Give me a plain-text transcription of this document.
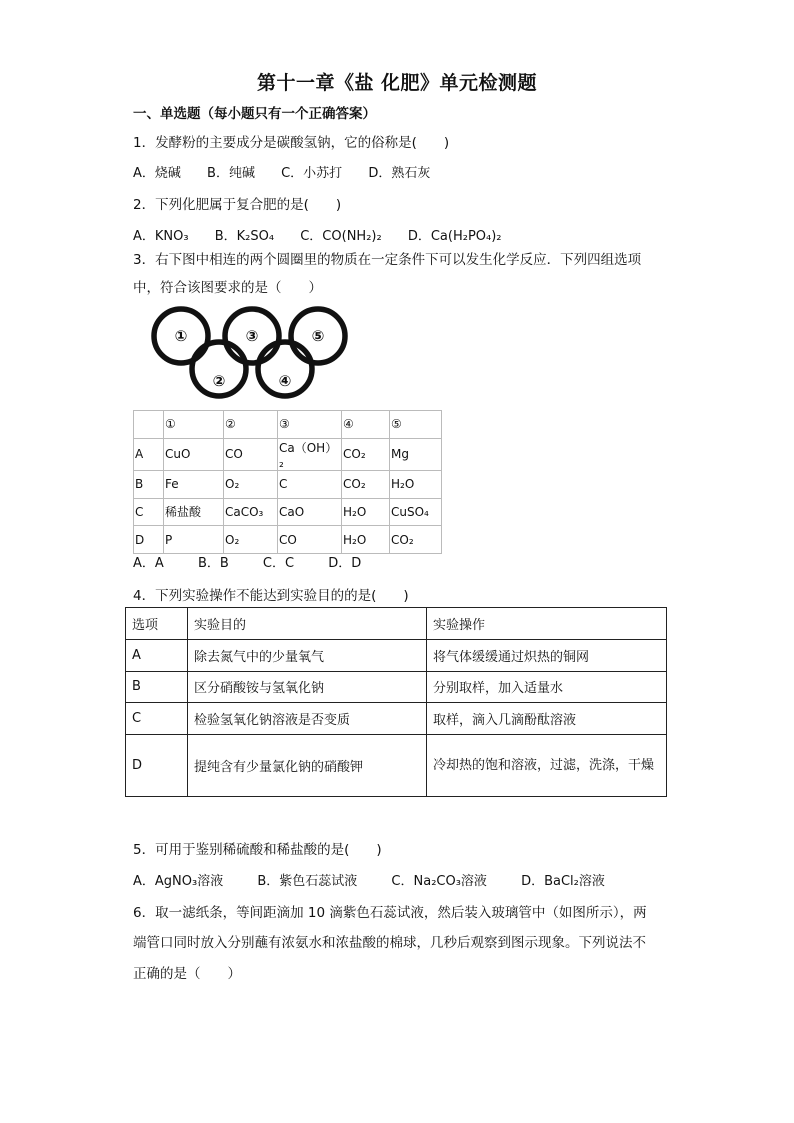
第十一章《盐 化肥》单元检测题
一、单选题（每小题只有一个正确答案）
1．发酵粉的主要成分是碳酸氢钠，它的俗称是(　　)
A．烧碱 B．纯碱 C．小苏打 D．熟石灰
2．下列化肥属于复合肥的是(　　)
A．KNO₃ B．K₂SO₄ C．CO(NH₂)₂ D．Ca(H₂PO₄)₂
3．右下图中相连的两个圆圈里的物质在一定条件下可以发生化学反应．下列四组选项
中，符合该图要求的是（　　）
①
②
③
④
⑤
	①	②	③	④	⑤
A	CuO	CO	Ca（OH）₂	CO₂	Mg
B	Fe	O₂	C	CO₂	H₂O
C	稀盐酸	CaCO₃	CaO	H₂O	CuSO₄
D	P	O₂	CO	H₂O	CO₂
A．A	B．B	C．C	D．D
4．下列实验操作不能达到实验目的的是(　　)
选项	实验目的	实验操作
A	除去氮气中的少量氧气	将气体缓缓通过炽热的铜网
B	区分硝酸铵与氢氧化钠	分别取样，加入适量水
C	检验氢氧化钠溶液是否变质	取样，滴入几滴酚酞溶液
D	提纯含有少量氯化钠的硝酸钾	冷却热的饱和溶液，过滤，洗涤，干燥
5．可用于鉴别稀硫酸和稀盐酸的是(　　)
A．AgNO₃溶液	B．紫色石蕊试液	C．Na₂CO₃溶液	D．BaCl₂溶液
6．取一滤纸条，等间距滴加 10 滴紫色石蕊试液，然后装入玻璃管中（如图所示），两
端管口同时放入分别蘸有浓氨水和浓盐酸的棉球，几秒后观察到图示现象。下列说法不
正确的是（　　）
